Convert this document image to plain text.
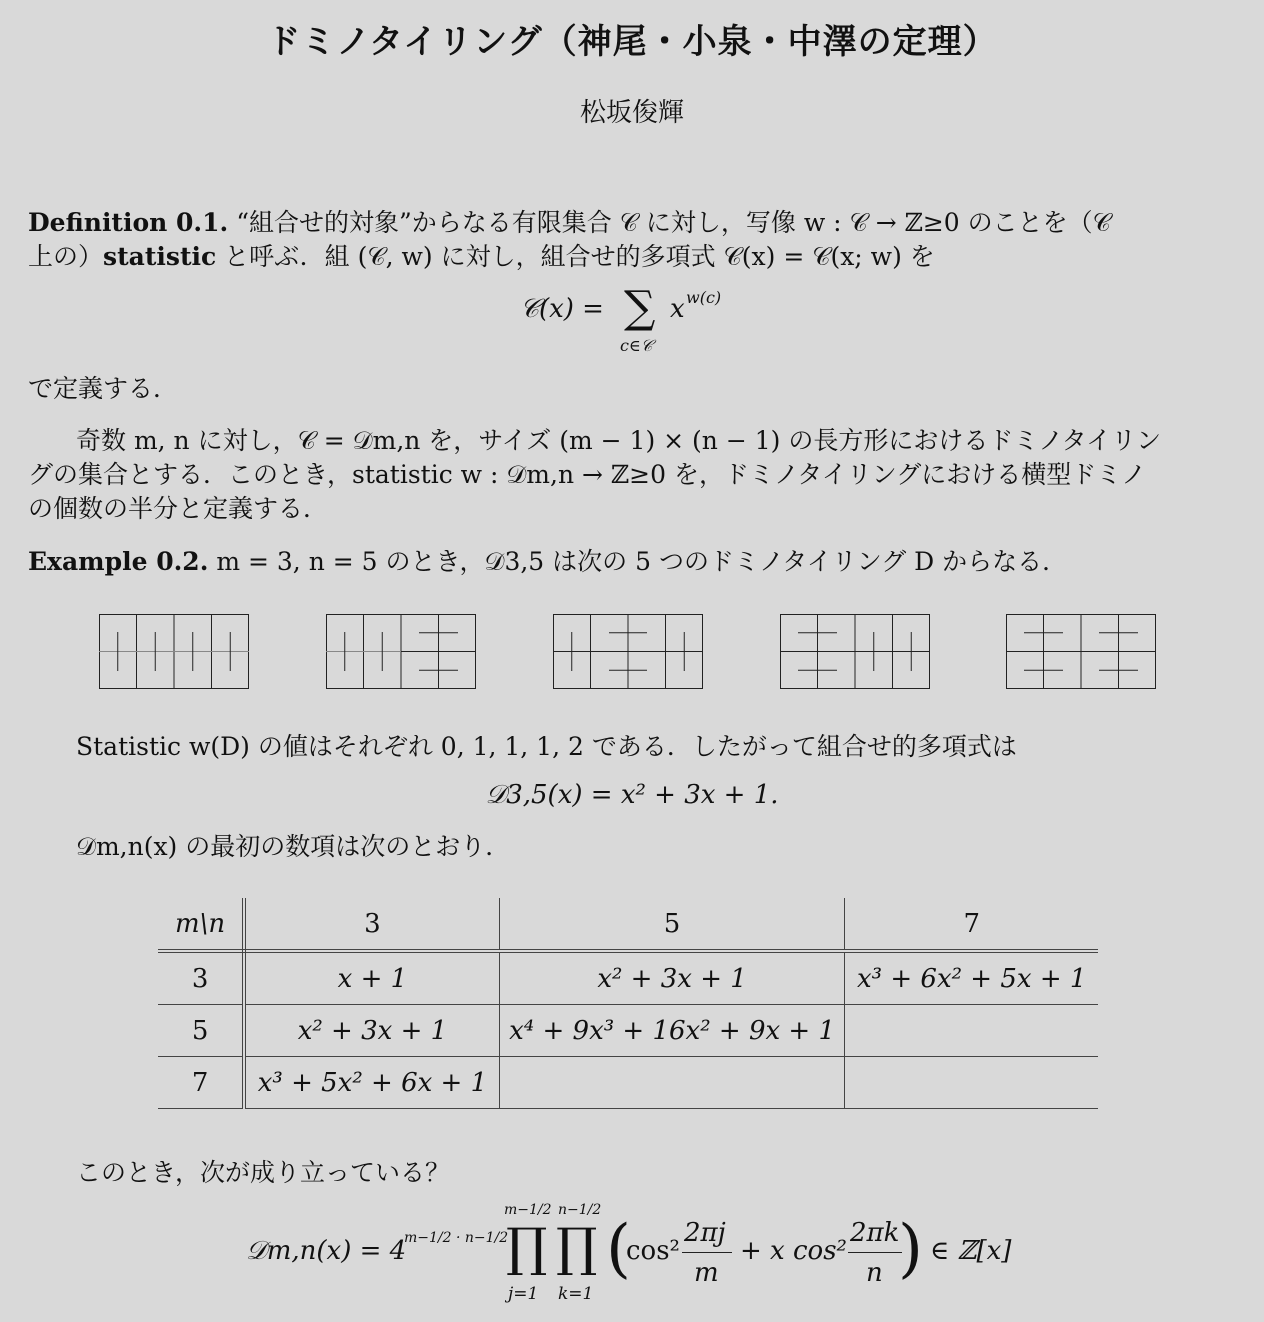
ドミノタイリング（神尾・小泉・中澤の定理）
松坂俊輝
Definition 0.1. “組合せ的対象”からなる有限集合 𝒞 に対し，写像 w : 𝒞 → ℤ≥0 のことを（𝒞
上の）statistic と呼ぶ．組 (𝒞, w) に対し，組合せ的多項式 𝒞(x) = 𝒞(x; w) を
𝒞(x) = ∑
c∈𝒞
x w(c)
で定義する．
奇数 m, n に対し，𝒞 = 𝒟m,n を，サイズ (m − 1) × (n − 1) の長方形におけるドミノタイリン
グの集合とする．このとき，statistic w : 𝒟m,n → ℤ≥0 を，ドミノタイリングにおける横型ドミノ
の個数の半分と定義する．
Example 0.2. m = 3, n = 5 のとき，𝒟3,5 は次の 5 つのドミノタイリング D からなる．
Statistic w(D) の値はそれぞれ 0, 1, 1, 1, 2 である．したがって組合せ的多項式は
𝒟3,5(x) = x² + 3x + 1.
𝒟m,n(x) の最初の数項は次のとおり．
m\n	3	5	7
3	x + 1	x² + 3x + 1	x³ + 6x² + 5x + 1
5	x² + 3x + 1	x⁴ + 9x³ + 16x² + 9x + 1	
7	x³ + 5x² + 6x + 1		
このとき，次が成り立っている？
𝒟m,n(x) = 4
m−1/2 · n−1/2
m−1/2
∏
j=1
n−1/2
∏
k=1
(
cos²
2πj
m
+ x cos²
2πk
n ) ∈ ℤ[x]
